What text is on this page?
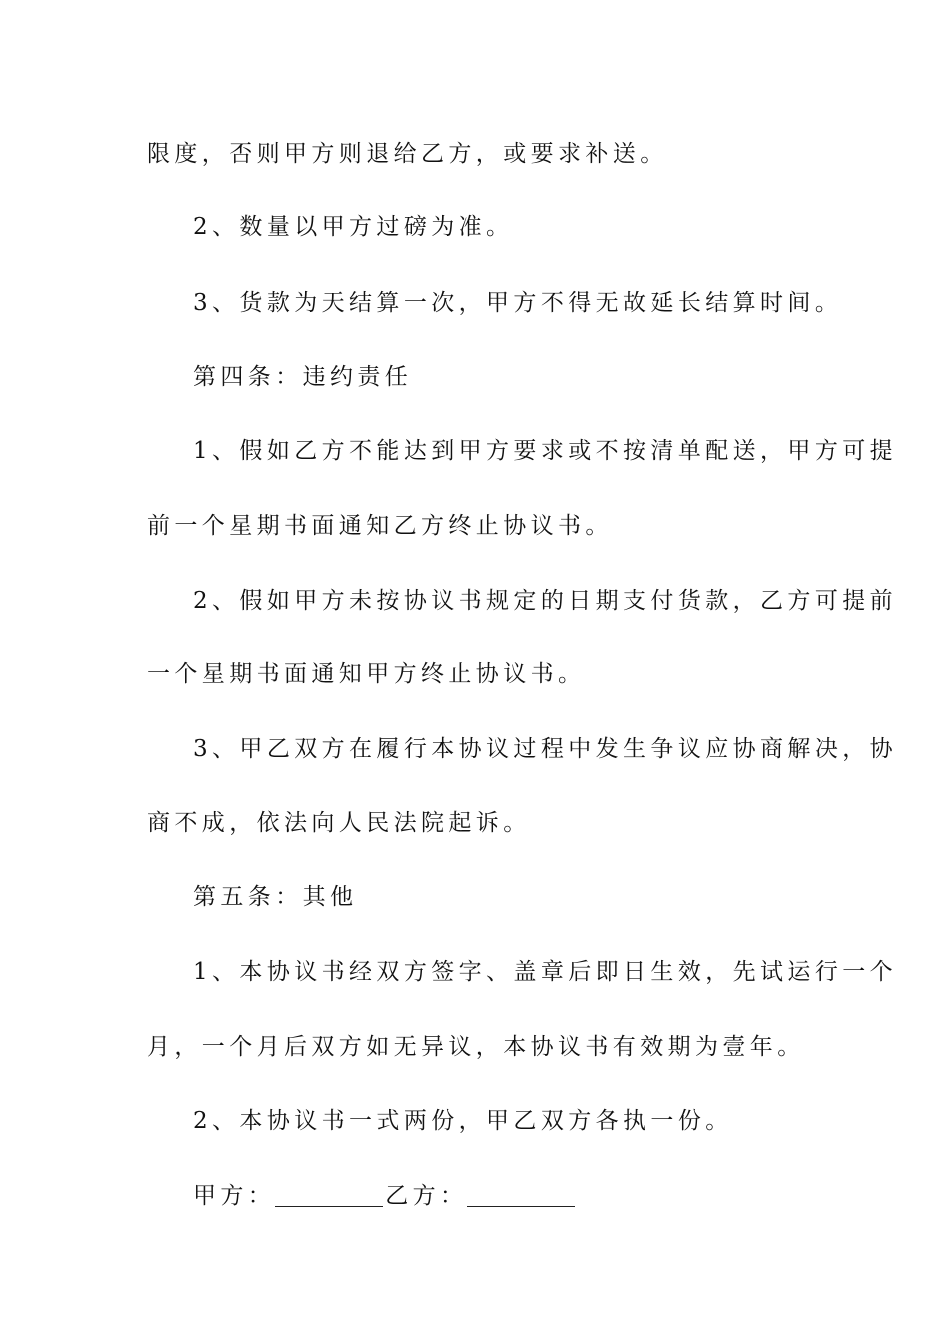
限度，否则甲方则退给乙方，或要求补送。
2、数量以甲方过磅为准。
3、货款为天结算一次，甲方不得无故延长结算时间。
第四条：违约责任
1、假如乙方不能达到甲方要求或不按清单配送，甲方可提
前一个星期书面通知乙方终止协议书。
2、假如甲方未按协议书规定的日期支付货款，乙方可提前
一个星期书面通知甲方终止协议书。
3、甲乙双方在履行本协议过程中发生争议应协商解决，协
商不成，依法向人民法院起诉。
第五条：其他
1、本协议书经双方签字、盖章后即日生效，先试运行一个
月，一个月后双方如无异议，本协议书有效期为壹年。
2、本协议书一式两份，甲乙双方各执一份。
甲方：	乙方：
